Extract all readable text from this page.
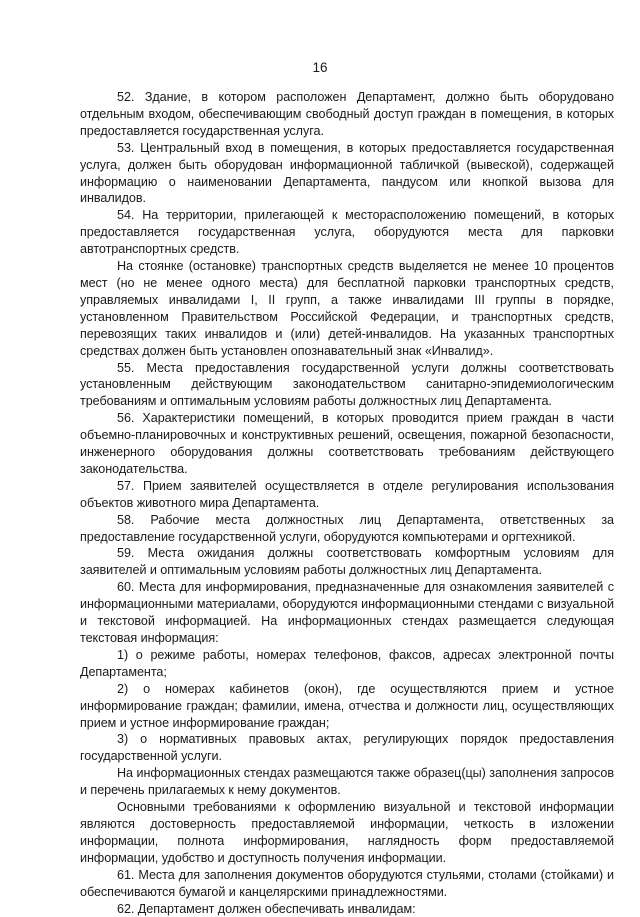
16

52. Здание, в котором расположен Департамент, должно быть оборудовано отдельным входом, обеспечивающим свободный доступ граждан в помещения, в которых предоставляется государственная услуга.

53. Центральный вход в помещения, в которых предоставляется государственная услуга, должен быть оборудован информационной табличкой (вывеской), содержащей информацию о наименовании Департамента, пандусом или кнопкой вызова для инвалидов.

54. На территории, прилегающей к месторасположению помещений, в которых предоставляется государственная услуга, оборудуются места для парковки автотранспортных средств.

На стоянке (остановке) транспортных средств выделяется не менее 10 процентов мест (но не менее одного места) для бесплатной парковки транспортных средств, управляемых инвалидами I, II групп, а также инвалидами III группы в порядке, установленном Правительством Российской Федерации, и транспортных средств, перевозящих таких инвалидов и (или) детей-инвалидов. На указанных транспортных средствах должен быть установлен опознавательный знак «Инвалид».

55. Места предоставления государственной услуги должны соответствовать установленным действующим законодательством санитарно-эпидемиологическим требованиям и оптимальным условиям работы должностных лиц Департамента.

56. Характеристики помещений, в которых проводится прием граждан в части объемно-планировочных и конструктивных решений, освещения, пожарной безопасности, инженерного оборудования должны соответствовать требованиям действующего законодательства.

57. Прием заявителей осуществляется в отделе регулирования использования объектов животного мира Департамента.

58. Рабочие места должностных лиц Департамента, ответственных за предоставление государственной услуги, оборудуются компьютерами и оргтехникой.

59. Места ожидания должны соответствовать комфортным условиям для заявителей и оптимальным условиям работы должностных лиц Департамента.

60. Места для информирования, предназначенные для ознакомления заявителей с информационными материалами, оборудуются информационными стендами с визуальной и текстовой информацией. На информационных стендах размещается следующая текстовая информация:

1) о режиме работы, номерах телефонов, факсов, адресах электронной почты Департамента;

2) о номерах кабинетов (окон), где осуществляются прием и устное информирование граждан; фамилии, имена, отчества и должности лиц, осуществляющих прием и устное информирование граждан;

3) о нормативных правовых актах, регулирующих порядок предоставления государственной услуги.

На информационных стендах размещаются также образец(цы) заполнения запросов и перечень прилагаемых к нему документов.

Основными требованиями к оформлению визуальной и текстовой информации являются достоверность предоставляемой информации, четкость в изложении информации, полнота информирования, наглядность форм предоставляемой информации, удобство и доступность получения информации.

61. Места для заполнения документов оборудуются стульями, столами (стойками) и обеспечиваются бумагой и канцелярскими принадлежностями.

62. Департамент должен обеспечивать инвалидам:
